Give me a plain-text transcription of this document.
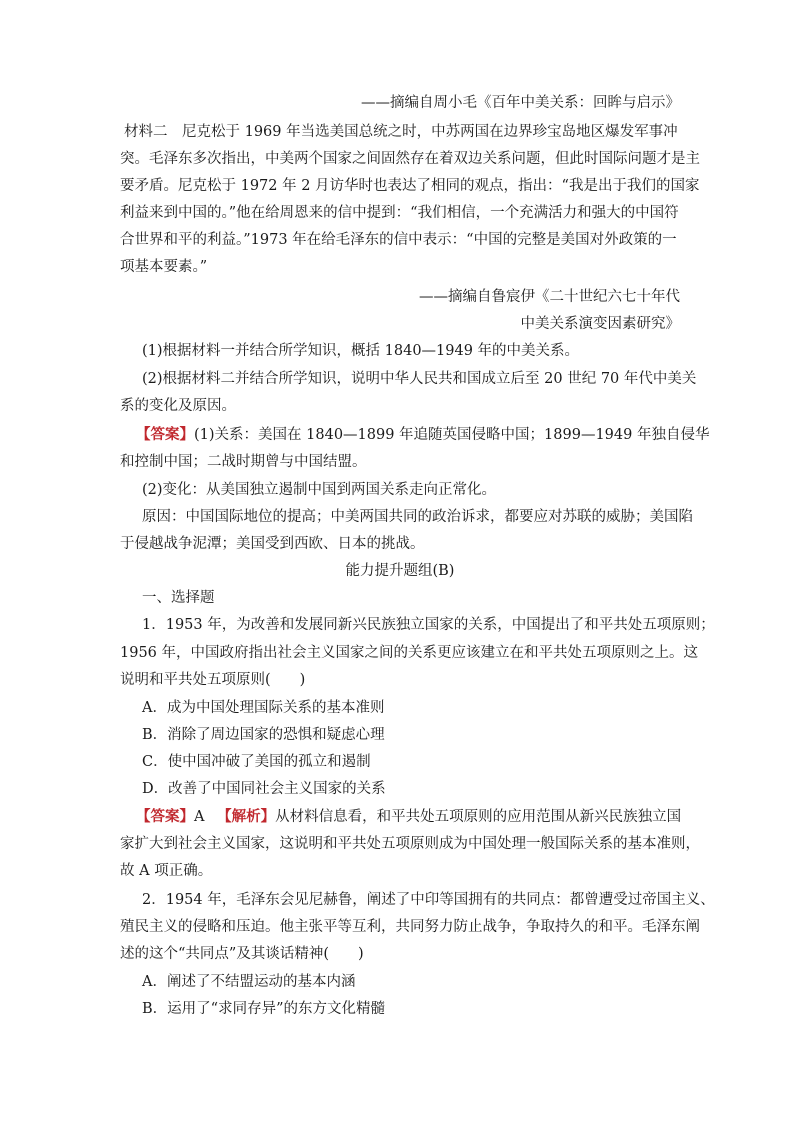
——摘编自周小毛《百年中美关系：回眸与启示》
材料二　尼克松于 1969 年当选美国总统之时，中苏两国在边界珍宝岛地区爆发军事冲
突。毛泽东多次指出，中美两个国家之间固然存在着双边关系问题，但此时国际问题才是主
要矛盾。尼克松于 1972 年 2 月访华时也表达了相同的观点，指出：“我是出于我们的国家
利益来到中国的。”他在给周恩来的信中提到：“我们相信，一个充满活力和强大的中国符
合世界和平的利益。”1973 年在给毛泽东的信中表示：“中国的完整是美国对外政策的一
项基本要素。”
——摘编自鲁宸伊《二十世纪六七十年代
中美关系演变因素研究》
(1)根据材料一并结合所学知识，概括 1840—1949 年的中美关系。
(2)根据材料二并结合所学知识，说明中华人民共和国成立后至 20 世纪 70 年代中美关
系的变化及原因。
【答案】(1)关系：美国在 1840—1899 年追随英国侵略中国；1899—1949 年独自侵华
和控制中国；二战时期曾与中国结盟。
(2)变化：从美国独立遏制中国到两国关系走向正常化。
原因：中国国际地位的提高；中美两国共同的政治诉求，都要应对苏联的威胁；美国陷
于侵越战争泥潭；美国受到西欧、日本的挑战。
能力提升题组(B)
一、选择题
1．1953 年，为改善和发展同新兴民族独立国家的关系，中国提出了和平共处五项原则；
1956 年，中国政府指出社会主义国家之间的关系更应该建立在和平共处五项原则之上。这
说明和平共处五项原则(　　)
A．成为中国处理国际关系的基本准则
B．消除了周边国家的恐惧和疑虑心理
C．使中国冲破了美国的孤立和遏制
D．改善了中国同社会主义国家的关系
【答案】A 【解析】从材料信息看，和平共处五项原则的应用范围从新兴民族独立国
家扩大到社会主义国家，这说明和平共处五项原则成为中国处理一般国际关系的基本准则，
故 A 项正确。
2．1954 年，毛泽东会见尼赫鲁，阐述了中印等国拥有的共同点：都曾遭受过帝国主义、
殖民主义的侵略和压迫。他主张平等互利，共同努力防止战争，争取持久的和平。毛泽东阐
述的这个“共同点”及其谈话精神(　　)
A．阐述了不结盟运动的基本内涵
B．运用了“求同存异”的东方文化精髓
